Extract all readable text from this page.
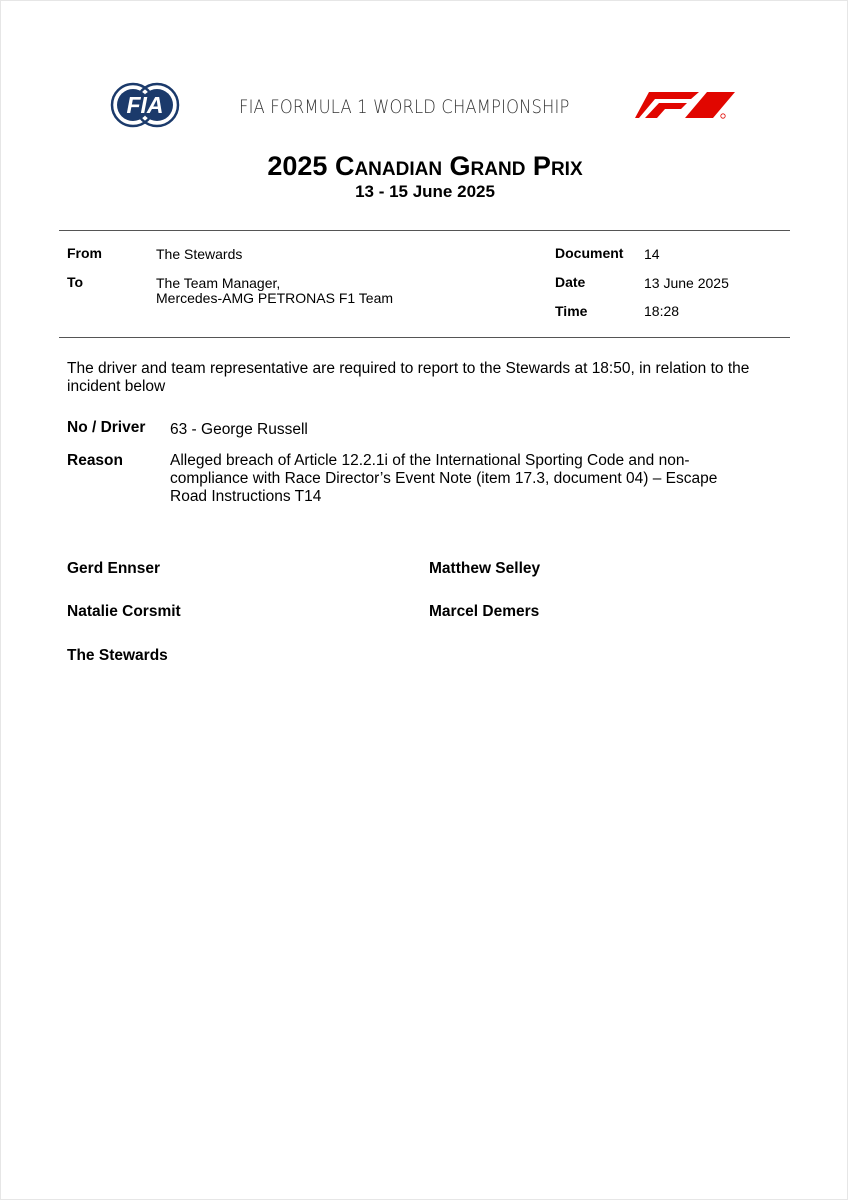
FIA	FIA FORMULA 1 WORLD CHAMPIONSHIP
2025 Canadian Grand Prix
13 - 15 June 2025
From	The Stewards
To	The Team Manager,
Mercedes-AMG PETRONAS F1 Team
Document 14
Date	13 June 2025
Time	18:28
The driver and team representative are required to report to the Stewards at 18:50, in relation to the
incident below
No / Driver 63 - George Russell
Reason	Alleged breach of Article 12.2.1i of the International Sporting Code and non-
compliance with Race Director’s Event Note (item 17.3, document 04) – Escape
Road Instructions T14
Gerd Ennser	Matthew Selley
Natalie Corsmit	Marcel Demers
The Stewards
